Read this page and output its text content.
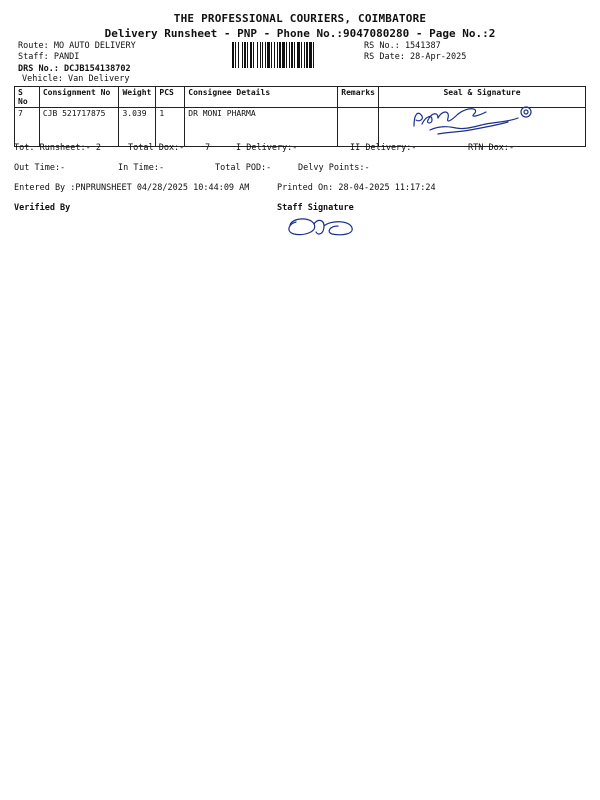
THE PROFESSIONAL COURIERS, COIMBATORE
Delivery Runsheet - PNP - Phone No.:9047080280 - Page No.:2
Route: MO AUTO DELIVERY
Staff: PANDI
DRS No.: DCJB154138702
Vehicle: Van Delivery
RS No.: 1541387
RS Date: 28-Apr-2025
S No	Consignment No	Weight	PCS	Consignee Details	Remarks	Seal & Signature
7	CJB 521717875	3.039	1	DR MONI PHARMA		
Tot. Runsheet:- 2	Total Dox:- 7	I Delivery:-	II Delivery:-	RTN Dox:-
Out Time:-	In Time:-	Total POD:-	Delvy Points:-
Entered By :PNPRUNSHEET 04/28/2025 10:44:09 AM	Printed On: 28-04-2025 11:17:24
Verified By	Staff Signature
